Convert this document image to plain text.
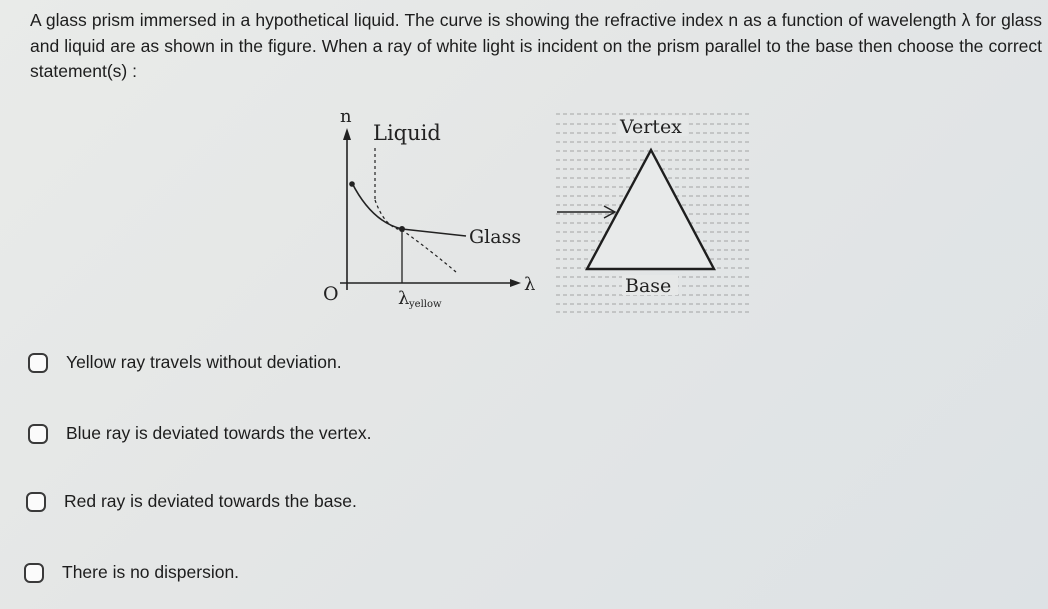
A glass prism immersed in a hypothetical liquid. The curve is showing the refractive index n as a function of wavelength λ for glass and liquid are as shown in the figure. When a ray of white light is incident on the prism parallel to the base then choose the correct statement(s) :
n
λ
O
Liquid
Glass
λ yellow
Vertex
Base
Yellow ray travels without deviation.
Blue ray is deviated towards the vertex.
Red ray is deviated towards the base.
There is no dispersion.
